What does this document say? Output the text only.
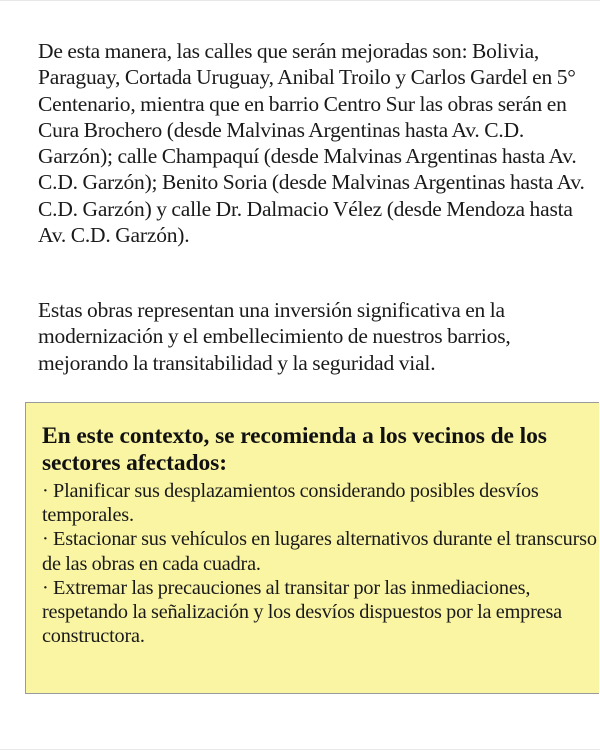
De esta manera, las calles que serán mejoradas son: Bolivia, Paraguay, Cortada Uruguay, Anibal Troilo y Carlos Gardel en 5° Centenario, mientra que en barrio Centro Sur las obras serán en Cura Brochero (desde Malvinas Argentinas hasta Av. C.D. Garzón); calle Champaquí (desde Malvinas Argentinas hasta Av. C.D. Garzón); Benito Soria (desde Malvinas Argentinas hasta Av. C.D. Garzón) y calle Dr. Dalmacio Vélez (desde Mendoza hasta Av. C.D. Garzón).

Estas obras representan una inversión significativa en la modernización y el embellecimiento de nuestros barrios, mejorando la transitabilidad y la seguridad vial.

En este contexto, se recomienda a los vecinos de los sectores afectados:

· Planificar sus desplazamientos considerando posibles desvíos temporales.
· Estacionar sus vehículos en lugares alternativos durante el transcurso de las obras en cada cuadra.
· Extremar las precauciones al transitar por las inmediaciones, respetando la señalización y los desvíos dispuestos por la empresa constructora.
